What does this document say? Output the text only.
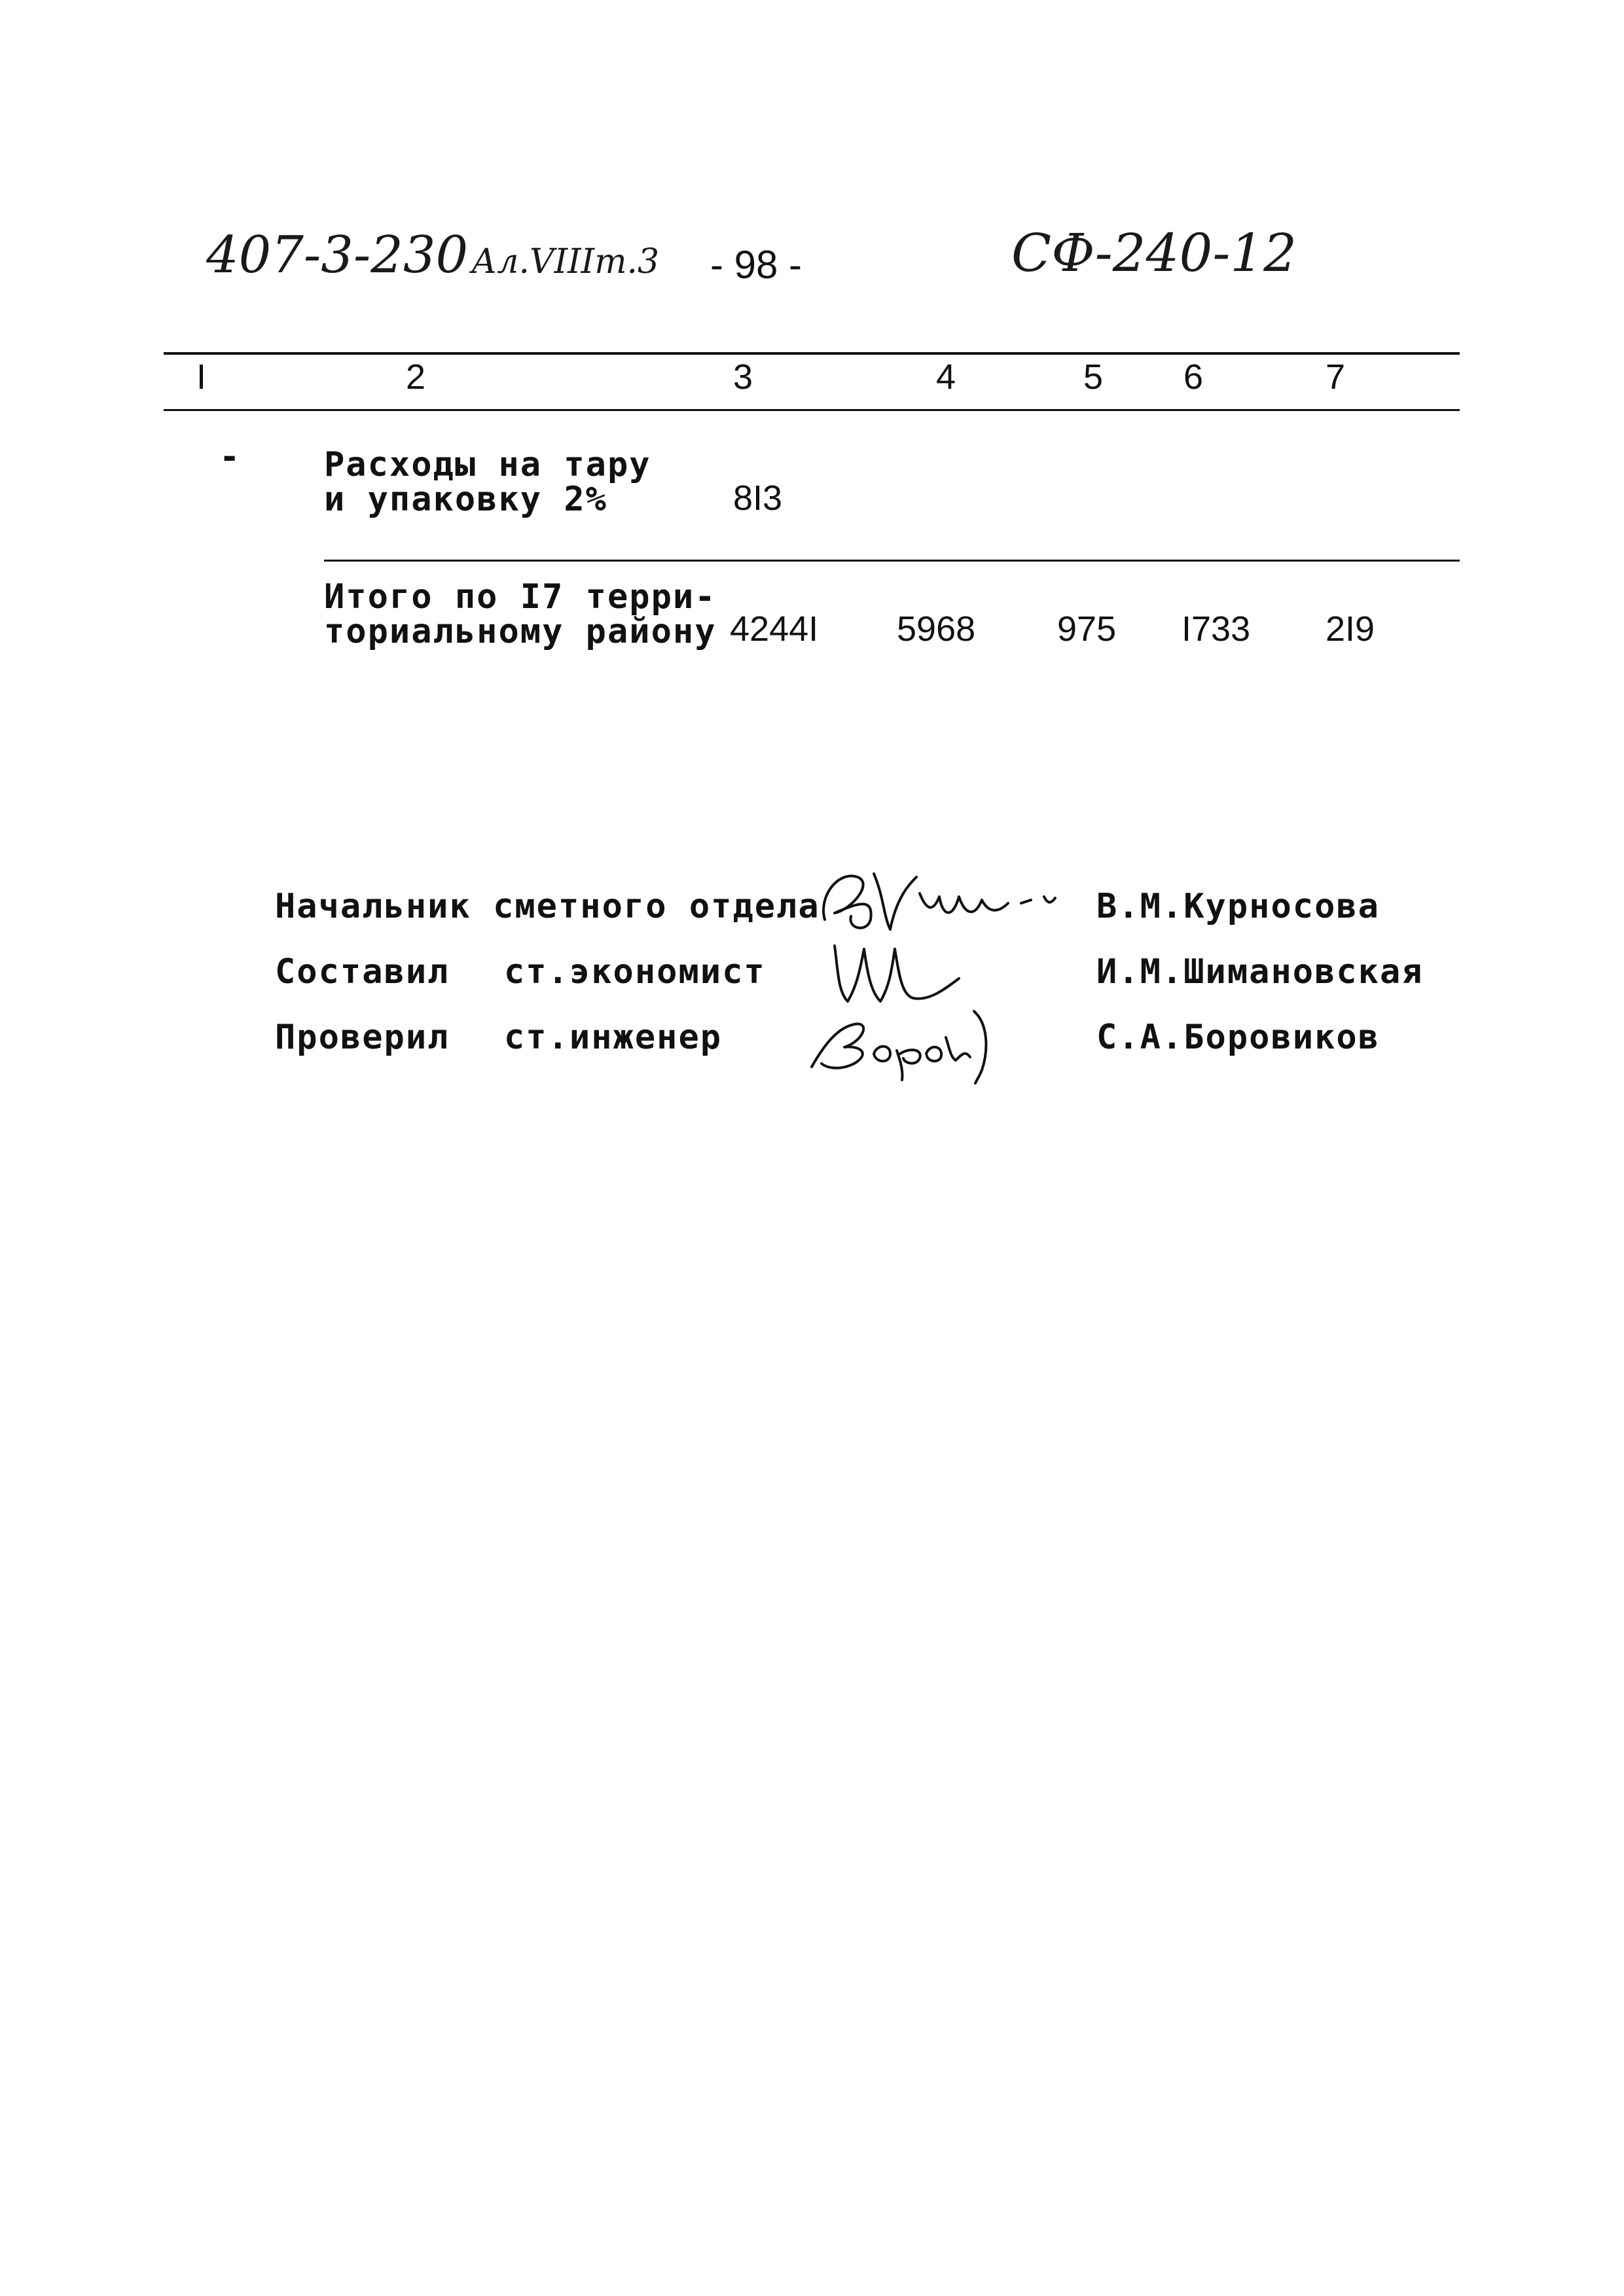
407-3-230 Ал.VIIIт.3 - 98 -	СФ-240-12
I	2	3	4	5 6	7
- Расходы на тару
и упаковку 2%	8I3
Итого по I7 терри-
ториальному району 4244I 5968 975 I733 2I9
Начальник сметного отдела	В.М.Курносова
Составил ст.экономист	И.М.Шимановская
Проверил ст.инженер	С.А.Боровиков
